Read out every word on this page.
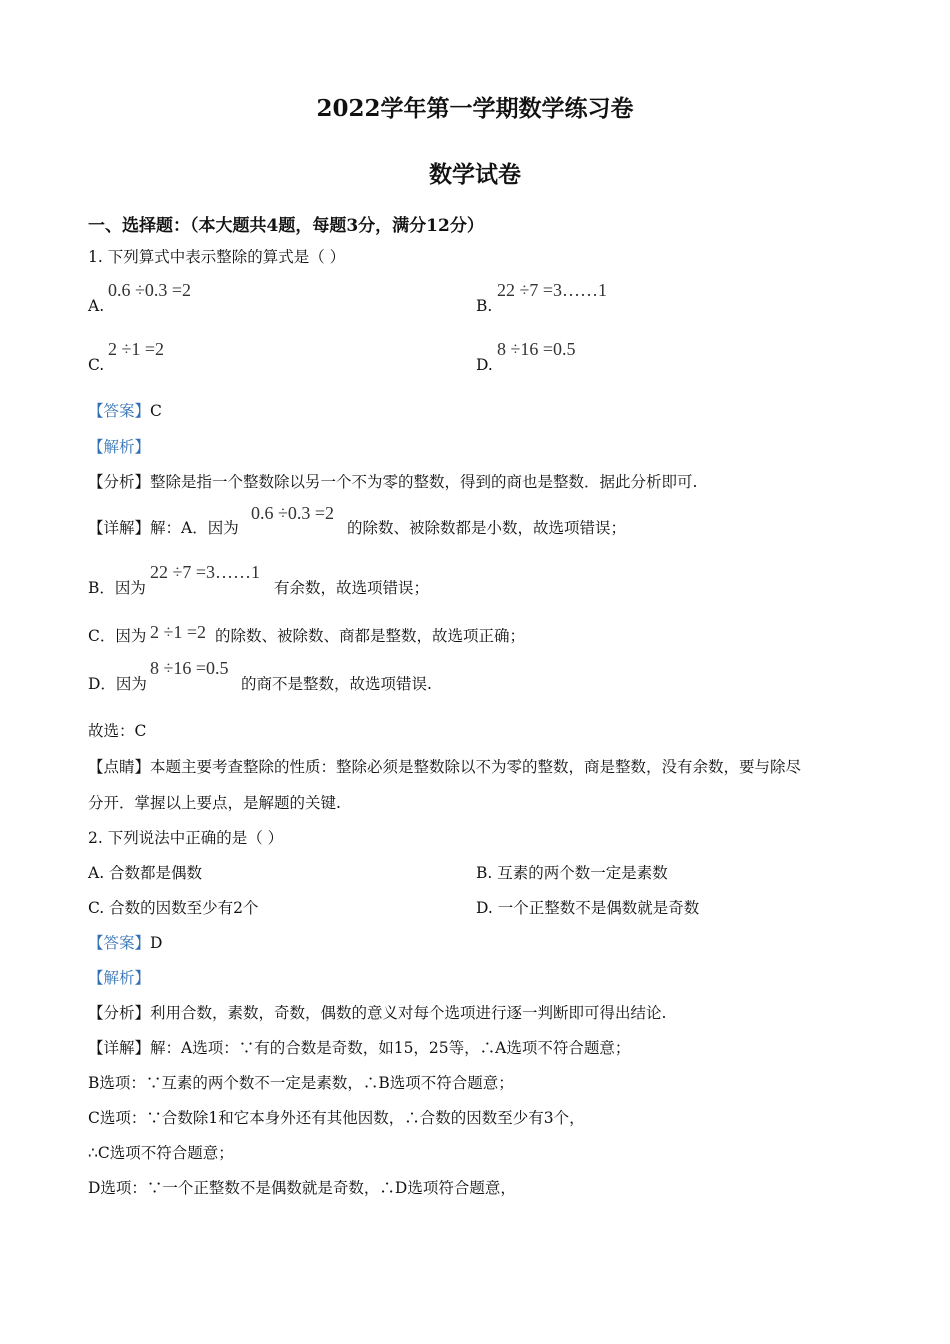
2022学年第一学期数学练习卷
数学试卷
一、选择题：（本大题共4题，每题3分，满分12分）
1. 下列算式中表示整除的算式是（ ）
A.
0.6 ÷0.3 =2
B.
22 ÷7 =3……1
C.
2 ÷1 =2
D.
8 ÷16 =0.5
【答案】C
【解析】
【分析】整除是指一个整数除以另一个不为零的整数，得到的商也是整数．据此分析即可.
【详解】解：A．因为
0.6 ÷0.3 =2
的除数、被除数都是小数，故选项错误；
B．因为
22 ÷7 =3……1
有余数，故选项错误；
C．因为 2 ÷1 =2 的除数、被除数、商都是整数，故选项正确；
D．因为
8 ÷16 =0.5
的商不是整数，故选项错误.
故选：C
【点睛】本题主要考查整除的性质：整除必须是整数除以不为零的整数，商是整数，没有余数，要与除尽
分开．掌握以上要点，是解题的关键.
2. 下列说法中正确的是（ ）
A. 合数都是偶数	B. 互素的两个数一定是素数
C. 合数的因数至少有2个	D. 一个正整数不是偶数就是奇数
【答案】D
【解析】
【分析】利用合数，素数，奇数，偶数的意义对每个选项进行逐一判断即可得出结论.
【详解】解：A选项：∵有的合数是奇数，如15，25等，∴A选项不符合题意；
B选项：∵互素的两个数不一定是素数，∴B选项不符合题意；
C选项：∵合数除1和它本身外还有其他因数，∴合数的因数至少有3个，
∴C选项不符合题意；
D选项：∵一个正整数不是偶数就是奇数，∴D选项符合题意，
